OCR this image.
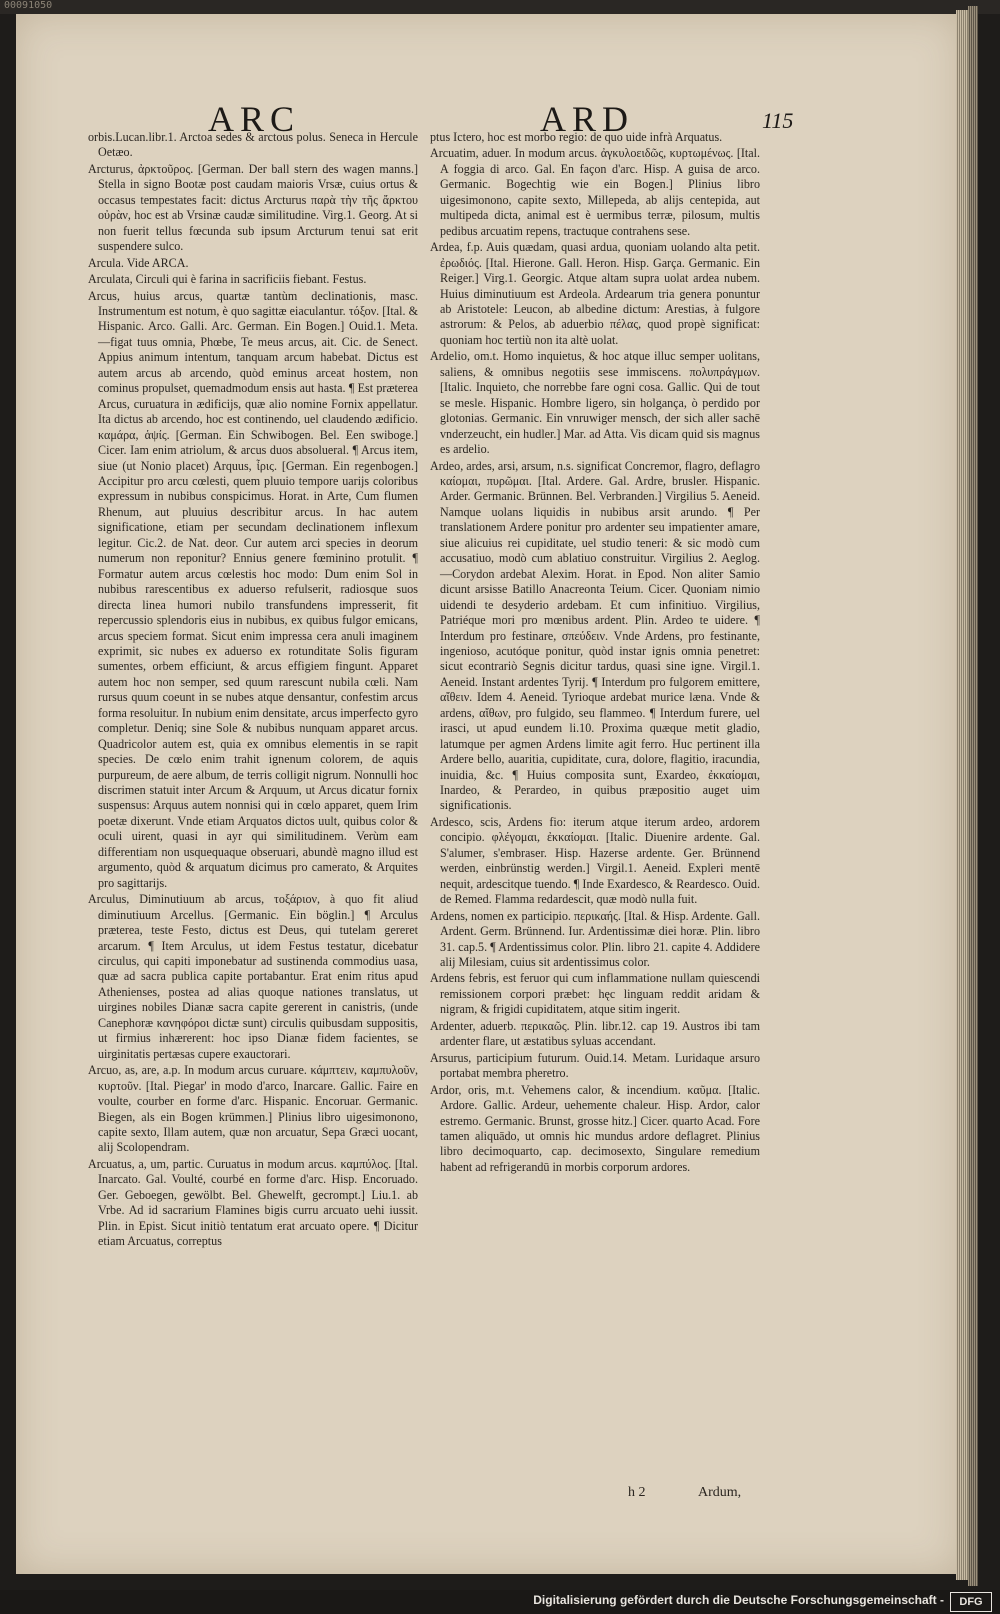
00091050
ARC	ARD	115

orbis.Lucan.libr.1. Arctoa sedes & arctous polus. Seneca in Hercule Oetæo.

Arcturus, ἀρκτοῦρος. [German. Der ball stern des wagen manns.] Stella in signo Bootæ post caudam maioris Vrsæ, cuius ortus & occasus tempestates facit: dictus Arcturus παρὰ τὴν τῆς ἄρκτου οὐρὰν, hoc est ab Vrsinæ caudæ similitudine. Virg.1. Georg. At si non fuerit tellus fœcunda sub ipsum Arcturum tenui sat erit suspendere sulco.

Arcula. Vide ARCA.

Arculata, Circuli qui è farina in sacrificiis fiebant. Festus.

Arcus, huius arcus, quartæ tantùm declinationis, masc. Instrumentum est notum, è quo sagittæ eiaculantur. τόξον. [Ital. & Hispanic. Arco. Galli. Arc. German. Ein Bogen.] Ouid.1. Meta. —figat tuus omnia, Phœbe, Te meus arcus, ait. Cic. de Senect. Appius animum intentum, tanquam arcum habebat. Dictus est autem arcus ab arcendo, quòd eminus arceat hostem, non cominus propulset, quemadmodum ensis aut hasta. ¶ Est præterea Arcus, curuatura in ædificijs, quæ alio nomine Fornix appellatur. Ita dictus ab arcendo, hoc est continendo, uel claudendo ædificio. καμάρα, ἁψίς. [German. Ein Schwibogen. Bel. Een swiboge.] Cicer. Iam enim atriolum, & arcus duos absolueral. ¶ Arcus item, siue (ut Nonio placet) Arquus, ἶρις. [German. Ein regenbogen.] Accipitur pro arcu cœlesti, quem pluuio tempore uarijs coloribus expressum in nubibus conspicimus. Horat. in Arte, Cum flumen Rhenum, aut pluuius describitur arcus. In hac autem significatione, etiam per secundam declinationem inflexum legitur. Cic.2. de Nat. deor. Cur autem arci species in deorum numerum non reponitur? Ennius genere fœminino protulit. ¶ Formatur autem arcus cœlestis hoc modo: Dum enim Sol in nubibus rarescentibus ex aduerso refulserit, radiosque suos directa linea humori nubilo transfundens impresserit, fit repercussio splendoris eius in nubibus, ex quibus fulgor emicans, arcus speciem format. Sicut enim impressa cera anuli imaginem exprimit, sic nubes ex aduerso ex rotunditate Solis figuram sumentes, orbem efficiunt, & arcus effigiem fingunt. Apparet autem hoc non semper, sed quum rarescunt nubila cœli. Nam rursus quum coeunt in se nubes atque densantur, confestim arcus forma resoluitur. In nubium enim densitate, arcus imperfecto gyro completur. Deniq; sine Sole & nubibus nunquam apparet arcus. Quadricolor autem est, quia ex omnibus elementis in se rapit species. De cœlo enim trahit ignenum colorem, de aquis purpureum, de aere album, de terris colligit nigrum. Nonnulli hoc discrimen statuit inter Arcum & Arquum, ut Arcus dicatur fornix suspensus: Arquus autem nonnisi qui in cœlo apparet, quem Irim poetæ dixerunt. Vnde etiam Arquatos dictos uult, quibus color & oculi uirent, quasi in ayr qui similitudinem. Verùm eam differentiam non usquequaque obseruari, abundè magno illud est argumento, quòd & arquatum dicimus pro camerato, & Arquites pro sagittarijs.

Arculus, Diminutiuum ab arcus, τοξάριον, à quo fit aliud diminutiuum Arcellus. [Germanic. Ein böglin.] ¶ Arculus præterea, teste Festo, dictus est Deus, qui tutelam gereret arcarum. ¶ Item Arculus, ut idem Festus testatur, dicebatur circulus, qui capiti imponebatur ad sustinenda commodius uasa, quæ ad sacra publica capite portabantur. Erat enim ritus apud Athenienses, postea ad alias quoque nationes translatus, ut uirgines nobiles Dianæ sacra capite gererent in canistris, (unde Canephoræ κανηφόροι dictæ sunt) circulis quibusdam suppositis, ut firmius inhærerent: hoc ipso Dianæ fidem facientes, se uirginitatis pertæsas cupere exauctorari.

Arcuo, as, are, a.p. In modum arcus curuare. κάμπτειν, καμπυλοῦν, κυρτοῦν. [Ital. Piegar' in modo d'arco, Inarcare. Gallic. Faire en voulte, courber en forme d'arc. Hispanic. Encoruar. Germanic. Biegen, als ein Bogen krümmen.] Plinius libro uigesimonono, capite sexto, Illam autem, quæ non arcuatur, Sepa Græci uocant, alij Scolopendram.

Arcuatus, a, um, partic. Curuatus in modum arcus. καμπύλος. [Ital. Inarcato. Gal. Voulté, courbé en forme d'arc. Hisp. Encoruado. Ger. Geboegen, gewölbt. Bel. Ghewelft, gecrompt.] Liu.1. ab Vrbe. Ad id sacrarium Flamines bigis curru arcuato uehi iussit. Plin. in Epist. Sicut initiò tentatum erat arcuato opere. ¶ Dicitur etiam Arcuatus, correptus

ptus Ictero, hoc est morbo regio: de quo uide infrà Arquatus.

Arcuatim, aduer. In modum arcus. ἀγκυλοειδῶς, κυρτωμένως. [Ital. A foggia di arco. Gal. En façon d'arc. Hisp. A guisa de arco. Germanic. Bogechtig wie ein Bogen.] Plinius libro uigesimonono, capite sexto, Millepeda, ab alijs centepida, aut multipeda dicta, animal est è uermibus terræ, pilosum, multis pedibus arcuatim repens, tractuque contrahens sese.

Ardea, f.p. Auis quædam, quasi ardua, quoniam uolando alta petit. ἐρωδιός. [Ital. Hierone. Gall. Heron. Hisp. Garça. Germanic. Ein Reiger.] Virg.1. Georgic. Atque altam supra uolat ardea nubem. Huius diminutiuum est Ardeola. Ardearum tria genera ponuntur ab Aristotele: Leucon, ab albedine dictum: Arestias, à fulgore astrorum: & Pelos, ab aduerbio πέλας, quod propè significat: quoniam hoc tertiù non ita altè uolat.

Ardelio, om.t. Homo inquietus, & hoc atque illuc semper uolitans, saliens, & omnibus negotiis sese immiscens. πολυπράγμων. [Italic. Inquieto, che norrebbe fare ogni cosa. Gallic. Qui de tout se mesle. Hispanic. Hombre ligero, sin holgança, ò perdido por glotonias. Germanic. Ein vnruwiger mensch, der sich aller sachē vnderzeucht, ein hudler.] Mar. ad Atta. Vis dicam quid sis magnus es ardelio.

Ardeo, ardes, arsi, arsum, n.s. significat Concremor, flagro, deflagro καίομαι, πυρῶμαι. [Ital. Ardere. Gal. Ardre, brusler. Hispanic. Arder. Germanic. Brünnen. Bel. Verbranden.] Virgilius 5. Aeneid. Namque uolans liquidis in nubibus arsit arundo. ¶ Per translationem Ardere ponitur pro ardenter seu impatienter amare, siue alicuius rei cupiditate, uel studio teneri: & sic modò cum accusatiuo, modò cum ablatiuo construitur. Virgilius 2. Aeglog. —Corydon ardebat Alexim. Horat. in Epod. Non aliter Samio dicunt arsisse Batillo Anacreonta Teium. Cicer. Quoniam nimio uidendi te desyderio ardebam. Et cum infinitiuo. Virgilius, Patriéque mori pro mœnibus ardent. Plin. Ardeo te uidere. ¶ Interdum pro festinare, σπεύδειν. Vnde Ardens, pro festinante, ingenioso, acutóque ponitur, quòd instar ignis omnia penetret: sicut econtrariò Segnis dicitur tardus, quasi sine igne. Virgil.1. Aeneid. Instant ardentes Tyrij. ¶ Interdum pro fulgorem emittere, αἴθειν. Idem 4. Aeneid. Tyrioque ardebat murice læna. Vnde & ardens, αἴθων, pro fulgido, seu flammeo. ¶ Interdum furere, uel irasci, ut apud eundem li.10. Proxima quæque metit gladio, latumque per agmen Ardens limite agit ferro. Huc pertinent illa Ardere bello, auaritia, cupiditate, cura, dolore, flagitio, iracundia, inuidia, &c. ¶ Huius composita sunt, Exardeo, ἐκκαίομαι, Inardeo, & Perardeo, in quibus præpositio auget uim significationis.

Ardesco, scis, Ardens fio: iterum atque iterum ardeo, ardorem concipio. φλέγομαι, ἐκκαίομαι. [Italic. Diuenire ardente. Gal. S'alumer, s'embraser. Hisp. Hazerse ardente. Ger. Brünnend werden, einbrünstig werden.] Virgil.1. Aeneid. Expleri mentē nequit, ardescitque tuendo. ¶ Inde Exardesco, & Reardesco. Ouid. de Remed. Flamma redardescit, quæ modò nulla fuit.

Ardens, nomen ex participio. περικαής. [Ital. & Hisp. Ardente. Gall. Ardent. Germ. Brünnend. Iur. Ardentissimæ diei horæ. Plin. libro 31. cap.5. ¶ Ardentissimus color. Plin. libro 21. capite 4. Addidere alij Milesiam, cuius sit ardentissimus color.

Ardens febris, est feruor qui cum inflammatione nullam quiescendi remissionem corpori præbet: hęc linguam reddit aridam & nigram, & frigidi cupiditatem, atque sitim ingerit.

Ardenter, aduerb. περικαῶς. Plin. libr.12. cap 19. Austros ibi tam ardenter flare, ut æstatibus syluas accendant.

Arsurus, participium futurum. Ouid.14. Metam. Luridaque arsuro portabat membra pheretro.

Ardor, oris, m.t. Vehemens calor, & incendium. καῦμα. [Italic. Ardore. Gallic. Ardeur, uehemente chaleur. Hisp. Ardor, calor estremo. Germanic. Brunst, grosse hitz.] Cicer. quarto Acad. Fore tamen aliquādo, ut omnis hic mundus ardore deflagret. Plinius libro decimoquarto, cap. decimosexto, Singulare remedium habent ad refrigerandū in morbis corporum ardores.

h 2	Ardum,
Digitalisierung gefördert durch die Deutsche Forschungsgemeinschaft -	DFG
